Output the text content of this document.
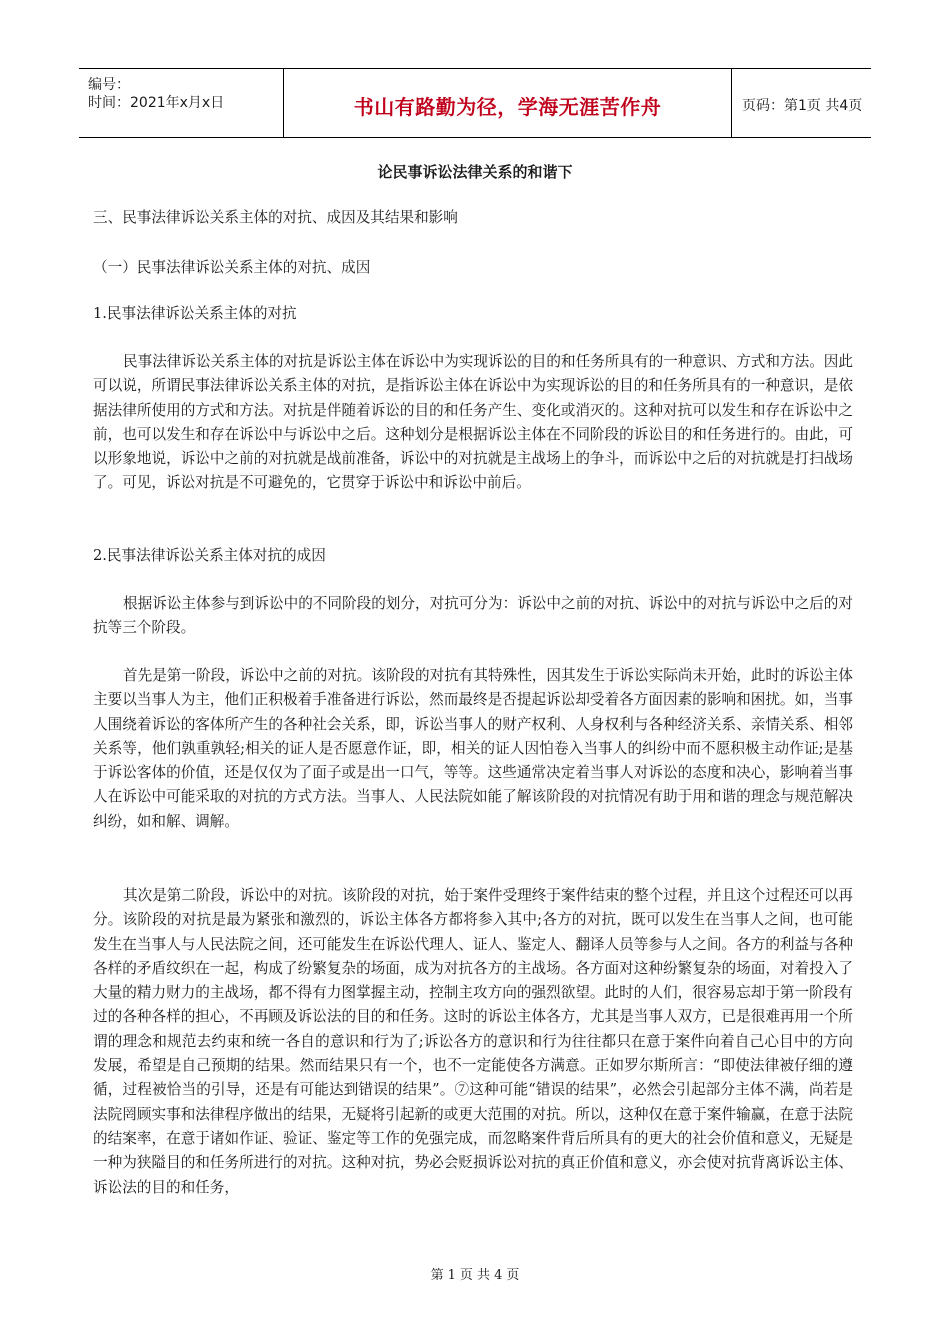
编号：
时间：2021年x月x日	书山有路勤为径，学海无涯苦作舟	页码：第1页 共4页
论民事诉讼法律关系的和谐下

三、民事法律诉讼关系主体的对抗、成因及其结果和影响

（一）民事法律诉讼关系主体的对抗、成因

1.民事法律诉讼关系主体的对抗

民事法律诉讼关系主体的对抗是诉讼主体在诉讼中为实现诉讼的目的和任务所具有的一种意识、方式和方法。因此可以说，所谓民事法律诉讼关系主体的对抗，是指诉讼主体在诉讼中为实现诉讼的目的和任务所具有的一种意识，是依据法律所使用的方式和方法。对抗是伴随着诉讼的目的和任务产生、变化或消灭的。这种对抗可以发生和存在诉讼中之前，也可以发生和存在诉讼中与诉讼中之后。这种划分是根据诉讼主体在不同阶段的诉讼目的和任务进行的。由此，可以形象地说，诉讼中之前的对抗就是战前准备，诉讼中的对抗就是主战场上的争斗，而诉讼中之后的对抗就是打扫战场了。可见，诉讼对抗是不可避免的，它贯穿于诉讼中和诉讼中前后。

2.民事法律诉讼关系主体对抗的成因

根据诉讼主体参与到诉讼中的不同阶段的划分，对抗可分为：诉讼中之前的对抗、诉讼中的对抗与诉讼中之后的对抗等三个阶段。

首先是第一阶段，诉讼中之前的对抗。该阶段的对抗有其特殊性，因其发生于诉讼实际尚未开始，此时的诉讼主体主要以当事人为主，他们正积极着手准备进行诉讼，然而最终是否提起诉讼却受着各方面因素的影响和困扰。如，当事人围绕着诉讼的客体所产生的各种社会关系，即，诉讼当事人的财产权利、人身权利与各种经济关系、亲情关系、相邻关系等，他们孰重孰轻;相关的证人是否愿意作证，即，相关的证人因怕卷入当事人的纠纷中而不愿积极主动作证;是基于诉讼客体的价值，还是仅仅为了面子或是出一口气，等等。这些通常决定着当事人对诉讼的态度和决心，影响着当事人在诉讼中可能采取的对抗的方式方法。当事人、人民法院如能了解该阶段的对抗情况有助于用和谐的理念与规范解决纠纷，如和解、调解。

其次是第二阶段，诉讼中的对抗。该阶段的对抗，始于案件受理终于案件结束的整个过程，并且这个过程还可以再分。该阶段的对抗是最为紧张和激烈的，诉讼主体各方都将参入其中;各方的对抗，既可以发生在当事人之间，也可能发生在当事人与人民法院之间，还可能发生在诉讼代理人、证人、鉴定人、翻译人员等参与人之间。各方的利益与各种各样的矛盾纹织在一起，构成了纷繁复杂的场面，成为对抗各方的主战场。各方面对这种纷繁复杂的场面，对着投入了大量的精力财力的主战场，都不得有力图掌握主动，控制主攻方向的强烈欲望。此时的人们，很容易忘却于第一阶段有过的各种各样的担心，不再顾及诉讼法的目的和任务。这时的诉讼主体各方，尤其是当事人双方，已是很难再用一个所谓的理念和规范去约束和统一各自的意识和行为了;诉讼各方的意识和行为往往都只在意于案件向着自己心目中的方向发展，希望是自己预期的结果。然而结果只有一个，也不一定能使各方满意。正如罗尔斯所言：“即使法律被仔细的遵循，过程被恰当的引导，还是有可能达到错误的结果”。⑦这种可能“错误的结果”，必然会引起部分主体不满，尚若是法院罔顾实事和法律程序做出的结果，无疑将引起新的或更大范围的对抗。所以，这种仅在意于案件输赢，在意于法院的结案率，在意于诸如作证、验证、鉴定等工作的免强完成，而忽略案件背后所具有的更大的社会价值和意义，无疑是一种为狭隘目的和任务所进行的对抗。这种对抗，势必会贬损诉讼对抗的真正价值和意义，亦会使对抗背离诉讼主体、诉讼法的目的和任务，

第 1 页 共 4 页
